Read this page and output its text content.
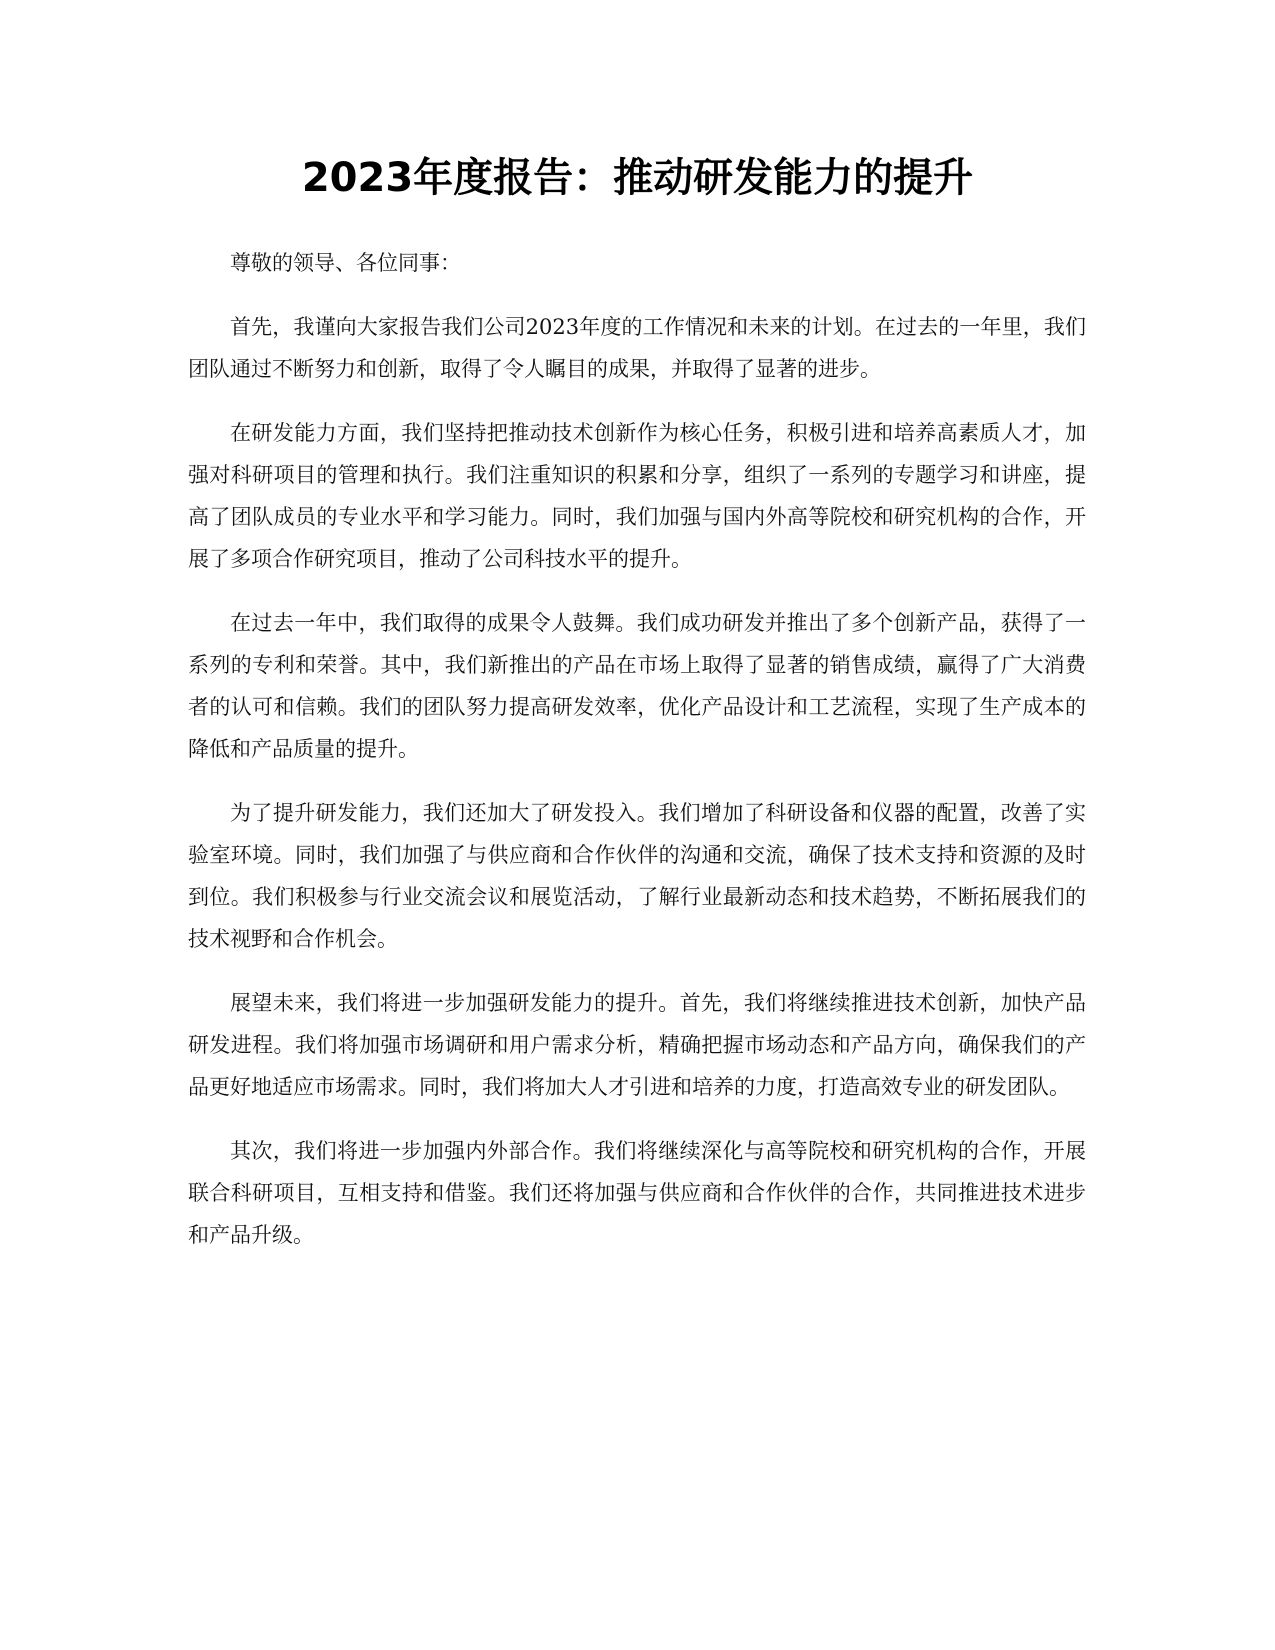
2023年度报告：推动研发能力的提升

尊敬的领导、各位同事：

首先，我谨向大家报告我们公司2023年度的工作情况和未来的计划。在过去的一年里，我们团队通过不断努力和创新，取得了令人瞩目的成果，并取得了显著的进步。

在研发能力方面，我们坚持把推动技术创新作为核心任务，积极引进和培养高素质人才，加强对科研项目的管理和执行。我们注重知识的积累和分享，组织了一系列的专题学习和讲座，提高了团队成员的专业水平和学习能力。同时，我们加强与国内外高等院校和研究机构的合作，开展了多项合作研究项目，推动了公司科技水平的提升。

在过去一年中，我们取得的成果令人鼓舞。我们成功研发并推出了多个创新产品，获得了一系列的专利和荣誉。其中，我们新推出的产品在市场上取得了显著的销售成绩，赢得了广大消费者的认可和信赖。我们的团队努力提高研发效率，优化产品设计和工艺流程，实现了生产成本的降低和产品质量的提升。

为了提升研发能力，我们还加大了研发投入。我们增加了科研设备和仪器的配置，改善了实验室环境。同时，我们加强了与供应商和合作伙伴的沟通和交流，确保了技术支持和资源的及时到位。我们积极参与行业交流会议和展览活动，了解行业最新动态和技术趋势，不断拓展我们的技术视野和合作机会。

展望未来，我们将进一步加强研发能力的提升。首先，我们将继续推进技术创新，加快产品研发进程。我们将加强市场调研和用户需求分析，精确把握市场动态和产品方向，确保我们的产品更好地适应市场需求。同时，我们将加大人才引进和培养的力度，打造高效专业的研发团队。

其次，我们将进一步加强内外部合作。我们将继续深化与高等院校和研究机构的合作，开展联合科研项目，互相支持和借鉴。我们还将加强与供应商和合作伙伴的合作，共同推进技术进步和产品升级。
